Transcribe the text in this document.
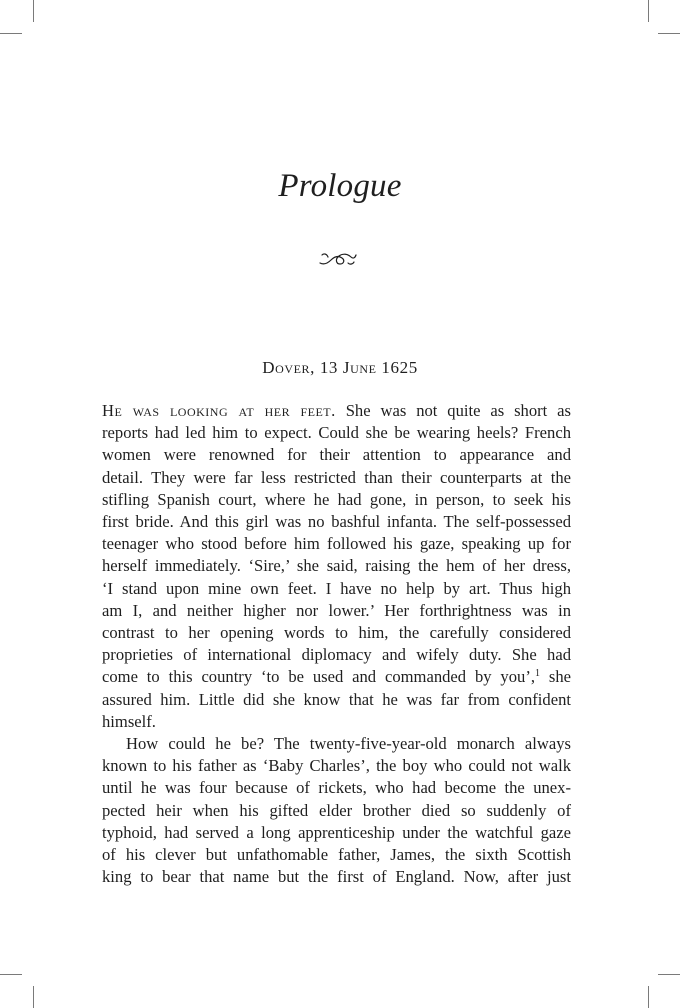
Prologue
Dover, 13 June 1625
He was looking at her feet. She was not quite as short as
reports had led him to expect. Could she be wearing heels? French
women were renowned for their attention to appearance and
detail. They were far less restricted than their counterparts at the
stifling Spanish court, where he had gone, in person, to seek his
first bride. And this girl was no bashful infanta. The self-possessed
teenager who stood before him followed his gaze, speaking up for
herself immediately. ‘Sire,’ she said, raising the hem of her dress,
‘I stand upon mine own feet. I have no help by art. Thus high
am I, and neither higher nor lower.’ Her forthrightness was in
contrast to her opening words to him, the carefully considered
proprieties of international diplomacy and wifely duty. She had
come to this country ‘to be used and commanded by you’,$^1$ she
assured him. Little did she know that he was far from confident
himself.
How could he be? The twenty-five-year-old monarch always
known to his father as ‘Baby Charles’, the boy who could not walk
until he was four because of rickets, who had become the unex-
pected heir when his gifted elder brother died so suddenly of
typhoid, had served a long apprenticeship under the watchful gaze
of his clever but unfathomable father, James, the sixth Scottish
king to bear that name but the first of England. Now, after just
